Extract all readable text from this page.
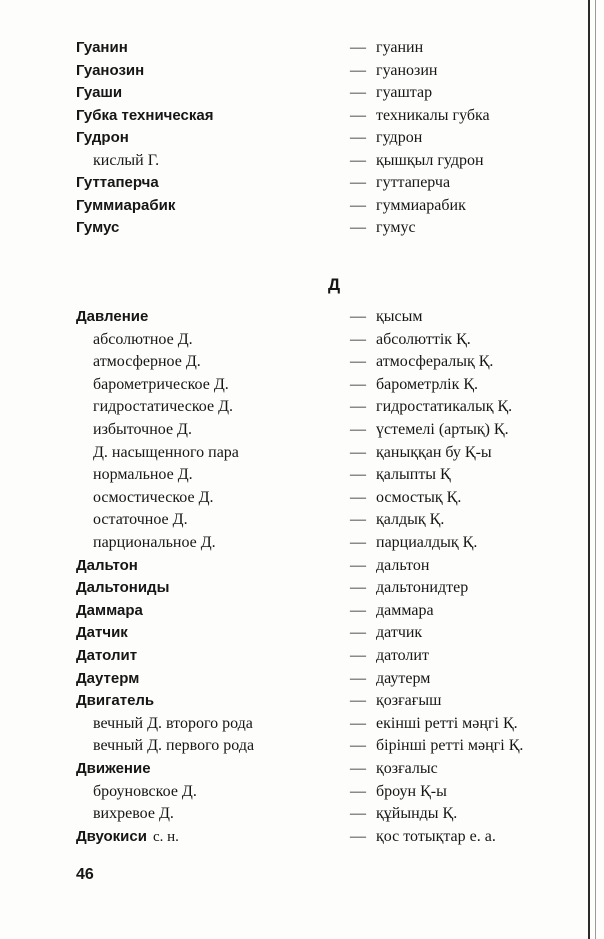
Гуанин	— гуанин
Гуанозин	— гуанозин
Гуаши	— гуаштар
Губка техническая	— техникалы губка
Гудрон	— гудрон
кислый Г.	— қышқыл гудрон
Гуттаперча	— гуттаперча
Гуммиарабик	— гуммиарабик
Гумус	— гумус
Д
Давление	— қысым
абсолютное Д.	— абсолюттік Қ.
атмосферное Д.	— атмосфералық Қ.
барометрическое Д.	— барометрлік Қ.
гидростатическое Д.	— гидростатикалық Қ.
избыточное Д.	— үстемелі (артық) Қ.
Д. насыщенного пара	— қаныққан бу Қ-ы
нормальное Д.	— қалыпты Қ
осмостическое Д.	— осмостық Қ.
остаточное Д.	— қалдық Қ.
парциональное Д.	— парциалдық Қ.
Дальтон	— дальтон
Дальтониды	— дальтонидтер
Даммара	— даммара
Датчик	— датчик
Датолит	— датолит
Даутерм	— даутерм
Двигатель	— қозғағыш
вечный Д. второго рода	— екінші ретті мәңгі Қ.
вечный Д. первого рода	— бірінші ретті мәңгі Қ.
Движение	— қозғалыс
броуновское Д.	— броун Қ-ы
вихревое Д.	— құйынды Қ.
Двуокиси с. н.	— қос тотықтар е. а.
46
